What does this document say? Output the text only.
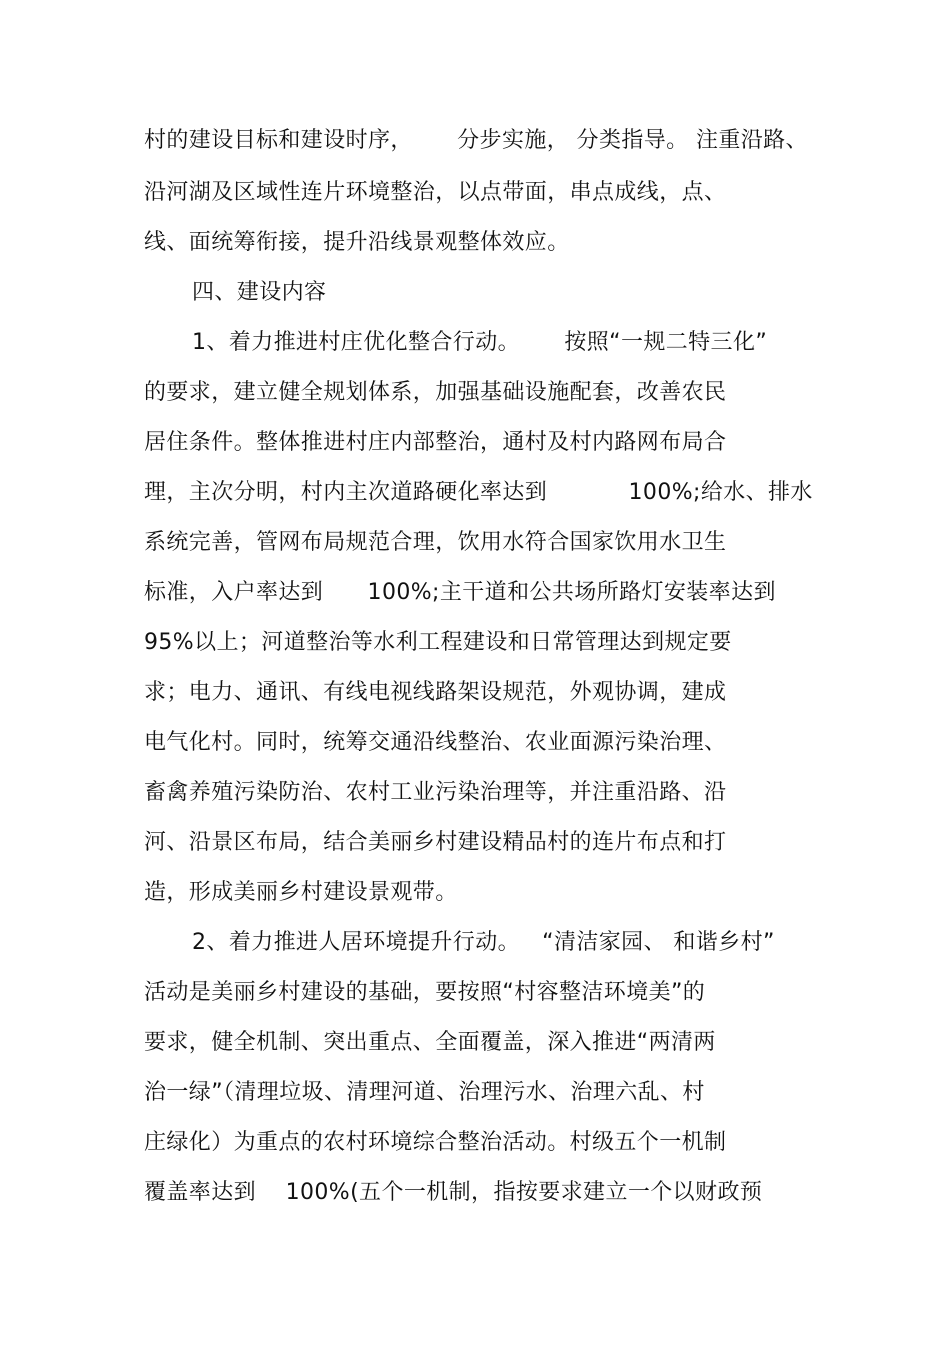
村的建设目标和建设时序，      分步实施， 分类指导。 注重沿路、
沿河湖及区域性连片环境整治，以点带面，串点成线，点、
线、面统筹衔接，提升沿线景观整体效应。
四、建设内容
1、着力推进村庄优化整合行动。      按照“一规二特三化”
的要求，建立健全规划体系，加强基础设施配套，改善农民
居住条件。整体推进村庄内部整治，通村及村内路网布局合
理，主次分明，村内主次道路硬化率达到           100%;给水、排水
系统完善，管网布局规范合理，饮用水符合国家饮用水卫生
标准，入户率达到      100%;主干道和公共场所路灯安装率达到
95%以上；河道整治等水利工程建设和日常管理达到规定要
求；电力、通讯、有线电视线路架设规范，外观协调，建成
电气化村。同时，统筹交通沿线整治、农业面源污染治理、
畜禽养殖污染防治、农村工业污染治理等，并注重沿路、沿
河、沿景区布局，结合美丽乡村建设精品村的连片布点和打
造，形成美丽乡村建设景观带。
2、着力推进人居环境提升行动。   “清洁家园、 和谐乡村”
活动是美丽乡村建设的基础，要按照“村容整洁环境美”的
要求，健全机制、突出重点、全面覆盖，深入推进“两清两
治一绿”（清理垃圾、清理河道、治理污水、治理六乱、村
庄绿化）为重点的农村环境综合整治活动。村级五个一机制
覆盖率达到    100%(五个一机制，指按要求建立一个以财政预
